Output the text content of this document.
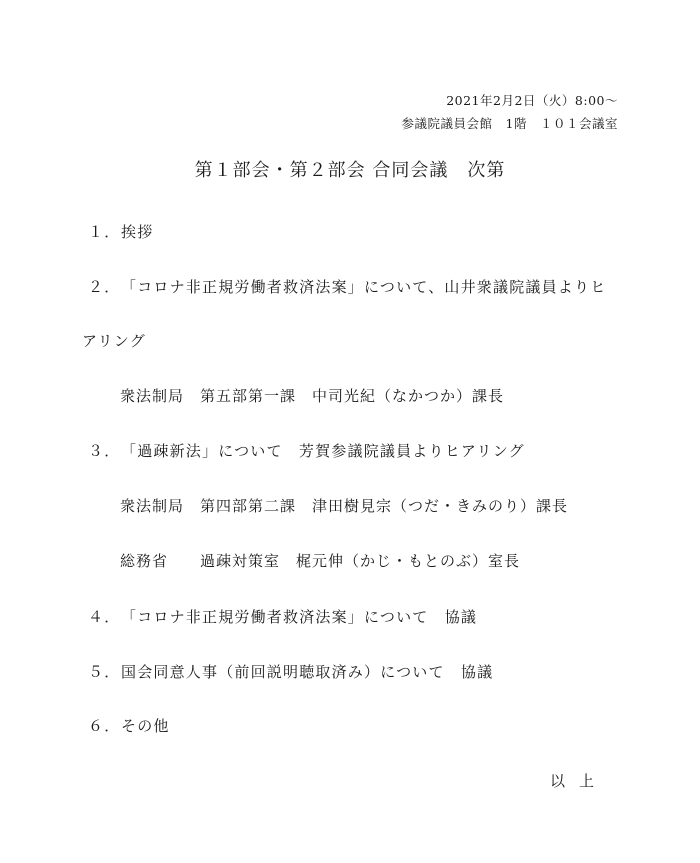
2021年2月2日（火）8:00～
参議院議員会館　1階　１０１会議室
第１部会・第２部会 合同会議　次第
１．挨拶
２．「コロナ非正規労働者救済法案」について、山井衆議院議員よりヒ
アリング
衆法制局　第五部第一課　中司光紀（なかつか）課長
３．「過疎新法」について　芳賀参議院議員よりヒアリング
衆法制局　第四部第二課　津田樹見宗（つだ・きみのり）課長
総務省　　過疎対策室　梶元伸（かじ・もとのぶ）室長
４．「コロナ非正規労働者救済法案」について　協議
５．国会同意人事（前回説明聴取済み）について　協議
６．その他
以上
